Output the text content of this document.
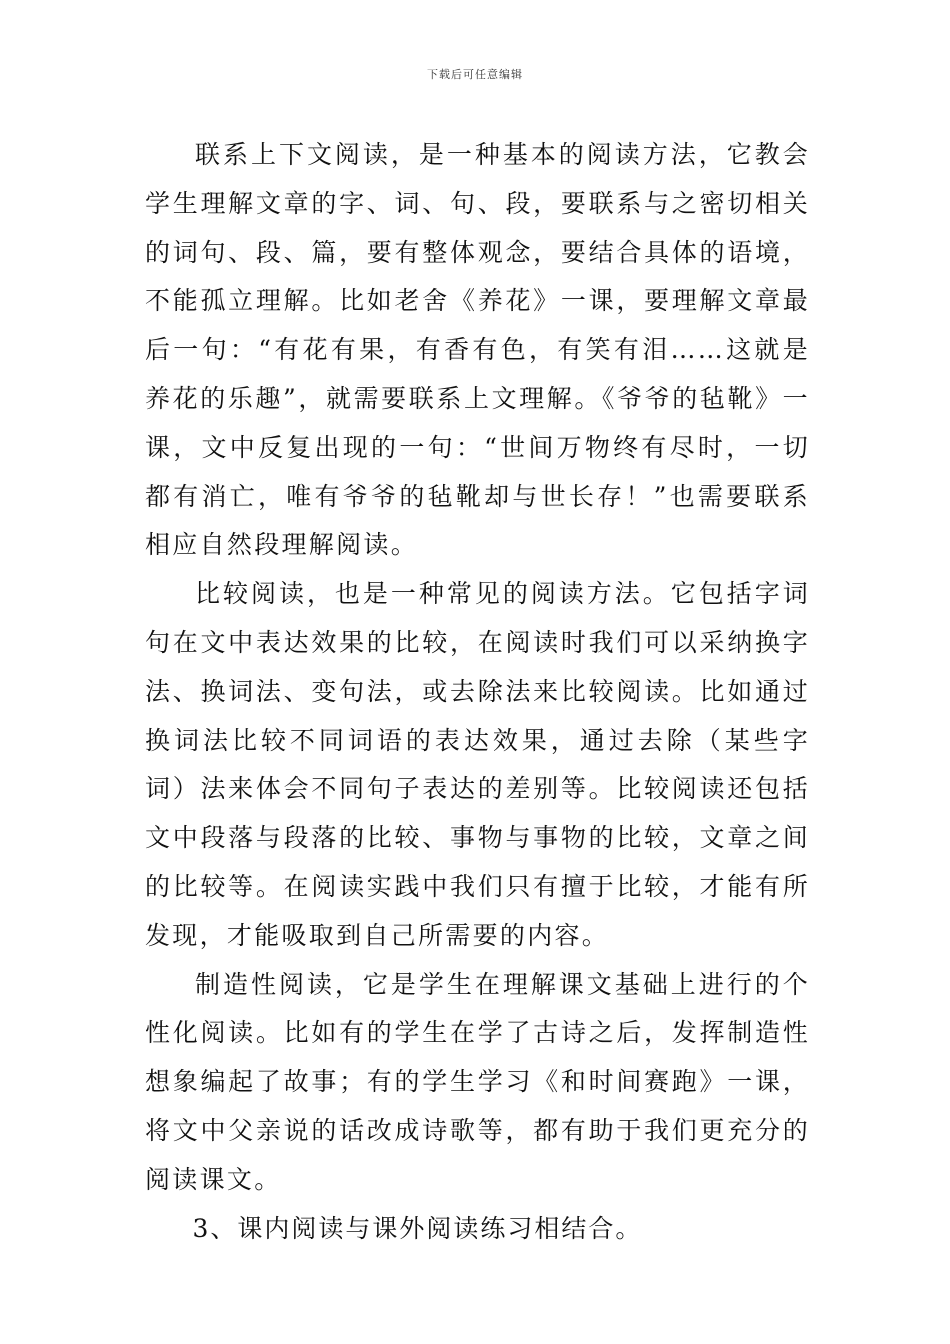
下载后可任意编辑

联系上下文阅读，是一种基本的阅读方法，它教会学生理解文章的字、词、句、段，要联系与之密切相关的词句、段、篇，要有整体观念，要结合具体的语境，不能孤立理解。比如老舍《养花》一课，要理解文章最后一句：“有花有果，有香有色，有笑有泪……这就是养花的乐趣”，就需要联系上文理解。《爷爷的毡靴》一课，文中反复出现的一句：“世间万物终有尽时，一切都有消亡，唯有爷爷的毡靴却与世长存！”也需要联系相应自然段理解阅读。

比较阅读，也是一种常见的阅读方法。它包括字词句在文中表达效果的比较，在阅读时我们可以采纳换字法、换词法、变句法，或去除法来比较阅读。比如通过换词法比较不同词语的表达效果，通过去除（某些字词）法来体会不同句子表达的差别等。比较阅读还包括文中段落与段落的比较、事物与事物的比较，文章之间的比较等。在阅读实践中我们只有擅于比较，才能有所发现，才能吸取到自己所需要的内容。

制造性阅读，它是学生在理解课文基础上进行的个性化阅读。比如有的学生在学了古诗之后，发挥制造性想象编起了故事；有的学生学习《和时间赛跑》一课，将文中父亲说的话改成诗歌等，都有助于我们更充分的阅读课文。

3、课内阅读与课外阅读练习相结合。
